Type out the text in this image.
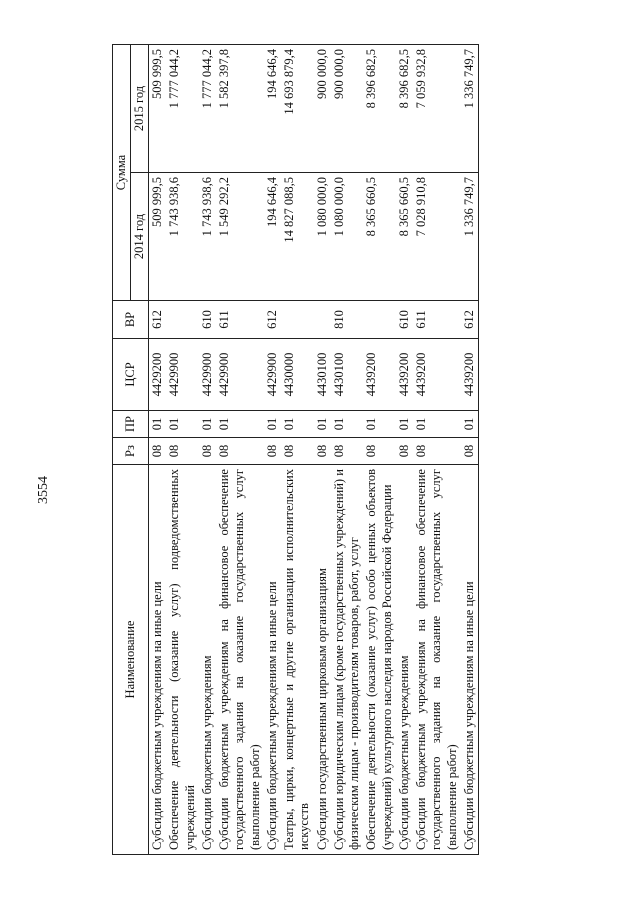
3554
Наименование	Рз	ПР	ЦСР	ВР	Сумма	
					2014 год	2015 год
Субсидии бюджетным учреждениям на иные цели	08	01	4429200	612	509 999,5	509 999,5
Обеспечение деятельности (оказание услуг) подведомственных учреждений	08	01	4429900		1 743 938,6	1 777 044,2
Субсидии бюджетным учреждениям	08	01	4429900	610	1 743 938,6	1 777 044,2
Субсидии бюджетным учреждениям на финансовое обеспечение государственного задания на оказание государственных услуг (выполнение работ)	08	01	4429900	611	1 549 292,2	1 582 397,8
Субсидии бюджетным учреждениям на иные цели	08	01	4429900	612	194 646,4	194 646,4
Театры, цирки, концертные и другие организации исполнительских искусств	08	01	4430000		14 827 088,5	14 693 879,4
Субсидии государственным цирковым организациям	08	01	4430100		1 080 000,0	900 000,0
Субсидии юридическим лицам (кроме государственных учреждений) и физическим лицам - производителям товаров, работ, услуг	08	01	4430100	810	1 080 000,0	900 000,0
Обеспечение деятельности (оказание услуг) особо ценных объектов (учреждений) культурного наследия народов Российской Федерации	08	01	4439200		8 365 660,5	8 396 682,5
Субсидии бюджетным учреждениям	08	01	4439200	610	8 365 660,5	8 396 682,5
Субсидии бюджетным учреждениям на финансовое обеспечение государственного задания на оказание государственных услуг (выполнение работ)	08	01	4439200	611	7 028 910,8	7 059 932,8
Субсидии бюджетным учреждениям на иные цели	08	01	4439200	612	1 336 749,7	1 336 749,7
